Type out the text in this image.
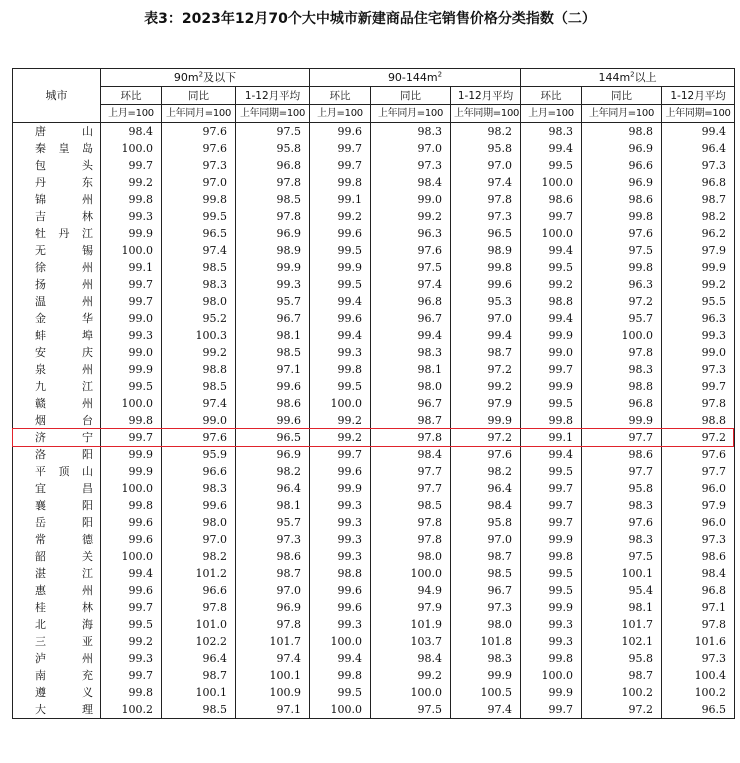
表3：2023年12月70个大中城市新建商品住宅销售价格分类指数（二）
城市	$90m^2$及以下			$90-144m^2$			$144m^2$以上		
	环比	同比	1-12月平均	环比	同比	1-12月平均	环比	同比	1-12月平均
	上月=100	上年同月=100	上年同期=100	上月=100	上年同月=100	上年同期=100	上月=100	上年同月=100	上年同期=100

唐 山	98.4	97.6	97.5	99.6	98.3	98.2	98.3	98.8	99.4

秦 皇 岛	100.0	97.6	95.8	99.7	97.0	95.8	99.4	96.9	96.4

包 头	99.7	97.3	96.8	99.7	97.3	97.0	99.5	96.6	97.3

丹 东	99.2	97.0	97.8	99.8	98.4	97.4	100.0	96.9	96.8

锦 州	99.8	99.8	98.5	99.1	99.0	97.8	98.6	98.6	98.7

吉 林	99.3	99.5	97.8	99.2	99.2	97.3	99.7	99.8	98.2

牡 丹 江	99.9	96.5	96.9	99.6	96.3	96.5	100.0	97.6	96.2

无 锡	100.0	97.4	98.9	99.5	97.6	98.9	99.4	97.5	97.9

徐 州	99.1	98.5	99.9	99.9	97.5	99.8	99.5	99.8	99.9

扬 州	99.7	98.3	99.3	99.5	97.4	99.6	99.2	96.3	99.2

温 州	99.7	98.0	95.7	99.4	96.8	95.3	98.8	97.2	95.5

金 华	99.0	95.2	96.7	99.6	96.7	97.0	99.4	95.7	96.3

蚌 埠	99.3	100.3	98.1	99.4	99.4	99.4	99.9	100.0	99.3

安 庆	99.0	99.2	98.5	99.3	98.3	98.7	99.0	97.8	99.0

泉 州	99.9	98.8	97.1	99.8	98.1	97.2	99.7	98.3	97.3

九 江	99.5	98.5	99.6	99.5	98.0	99.2	99.9	98.8	99.7

赣 州	100.0	97.4	98.6	100.0	96.7	97.9	99.5	96.8	97.8

烟 台	99.8	99.0	99.6	99.2	98.7	99.9	99.8	99.9	98.8

济 宁	99.7	97.6	96.5	99.2	97.8	97.2	99.1	97.7	97.2

洛 阳	99.9	95.9	96.9	99.7	98.4	97.6	99.4	98.6	97.6

平 顶 山	99.9	96.6	98.2	99.6	97.7	98.2	99.5	97.7	97.7

宜 昌	100.0	98.3	96.4	99.9	97.7	96.4	99.7	95.8	96.0

襄 阳	99.8	99.6	98.1	99.3	98.5	98.4	99.7	98.3	97.9

岳 阳	99.6	98.0	95.7	99.3	97.8	95.8	99.7	97.6	96.0

常 德	99.6	97.0	97.3	99.3	97.8	97.0	99.9	98.3	97.3

韶 关	100.0	98.2	98.6	99.3	98.0	98.7	99.8	97.5	98.6

湛 江	99.4	101.2	98.7	98.8	100.0	98.5	99.5	100.1	98.4

惠 州	99.6	96.6	97.0	99.6	94.9	96.7	99.5	95.4	96.8

桂 林	99.7	97.8	96.9	99.6	97.9	97.3	99.9	98.1	97.1

北 海	99.5	101.0	97.8	99.3	101.9	98.0	99.3	101.7	97.8

三 亚	99.2	102.2	101.7	100.0	103.7	101.8	99.3	102.1	101.6

泸 州	99.3	96.4	97.4	99.4	98.4	98.3	99.8	95.8	97.3

南 充	99.7	98.7	100.1	99.8	99.2	99.9	100.0	98.7	100.4

遵 义	99.8	100.1	100.9	99.5	100.0	100.5	99.9	100.2	100.2

大 理	100.2	98.5	97.1	100.0	97.5	97.4	99.7	97.2	96.5
